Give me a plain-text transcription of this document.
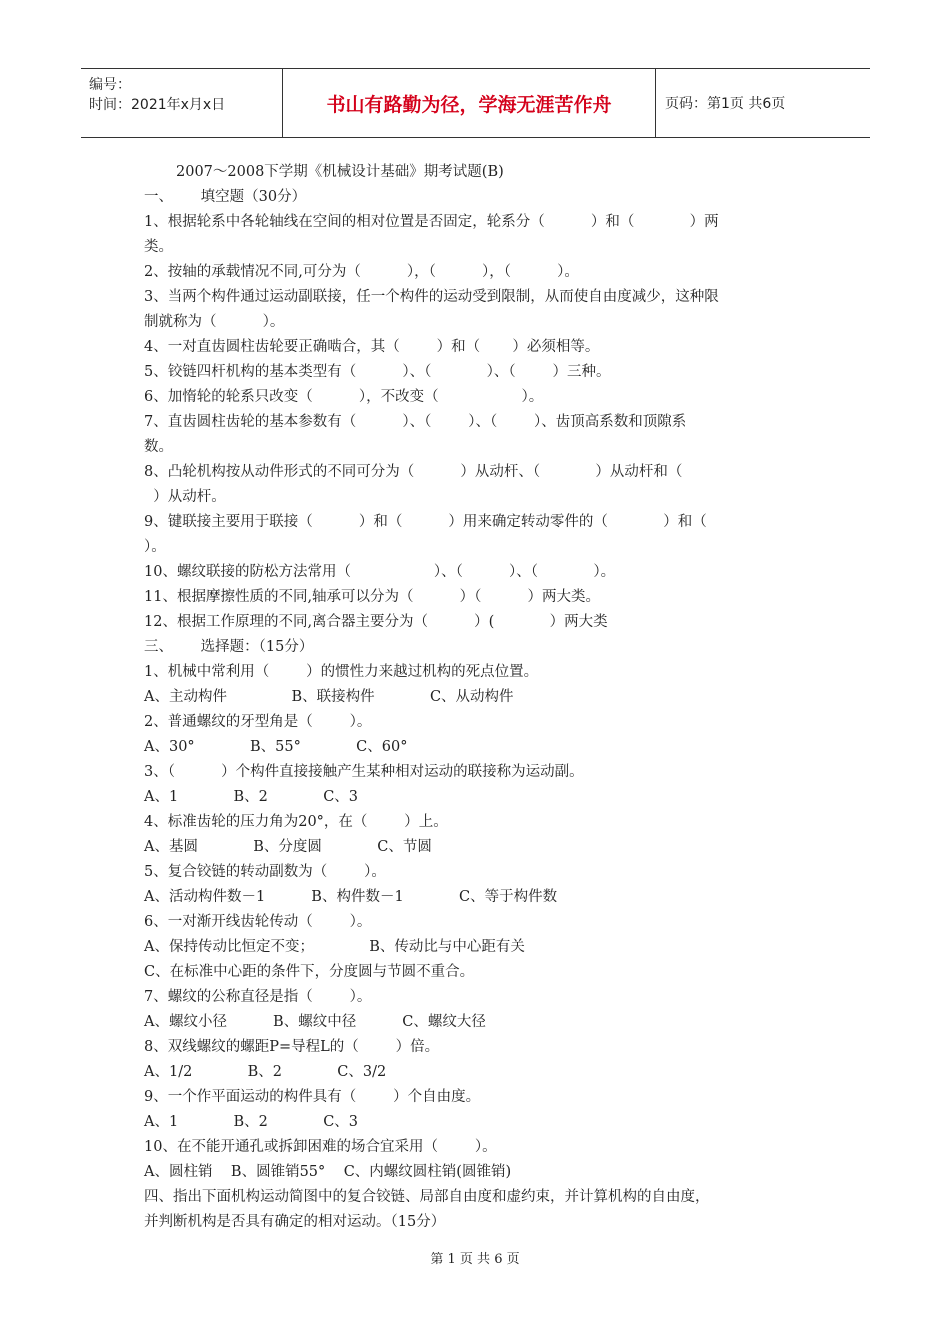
编号：
时间：2021年x月x日	书山有路勤为径，学海无涯苦作舟	页码：第1页 共6页
2007～2008下学期《机械设计基础》期考试题(B)
一、      填空题（30分）
1、根据轮系中各轮轴线在空间的相对位置是否固定，轮系分（          ）和（            ）两
类。
2、按轴的承载情况不同,可分为（          ），（          ），（          ）。
3、当两个构件通过运动副联接，任一个构件的运动受到限制，从而使自由度减少，这种限
制就称为（          ）。
4、一对直齿圆柱齿轮要正确啮合，其（        ）和（       ）必须相等。
5、铰链四杆机构的基本类型有（          ）、（            ）、（        ）三种。
6、加惰轮的轮系只改变（          ），不改变（                  ）。
7、直齿圆柱齿轮的基本参数有（          ）、（        ）、（        ）、齿顶高系数和顶隙系
数。
8、凸轮机构按从动件形式的不同可分为（          ）从动杆、（            ）从动杆和（
）从动杆。
9、键联接主要用于联接（          ）和（          ）用来确定转动零件的（            ）和（
）。
10、螺纹联接的防松方法常用（                  ）、（          ）、（            ）。
11、根据摩擦性质的不同,轴承可以分为（          ）（          ）两大类。
12、根据工作原理的不同,离合器主要分为（          ）(            ）两大类
三、      选择题：（15分）
1、机械中常利用（        ）的惯性力来越过机构的死点位置。
A、主动构件              B、联接构件            C、从动构件
2、普通螺纹的牙型角是（        ）。
A、30°            B、55°            C、60°
3、（          ）个构件直接接触产生某种相对运动的联接称为运动副。
A、1            B、2            C、3
4、标准齿轮的压力角为20°，在（        ）上。
A、基圆            B、分度圆            C、节圆
5、复合铰链的转动副数为（        ）。
A、活动构件数－1          B、构件数－1            C、等于构件数
6、一对渐开线齿轮传动（        ）。
A、保持传动比恒定不变；            B、传动比与中心距有关
C、在标准中心距的条件下，分度圆与节圆不重合。
7、螺纹的公称直径是指（        ）。
A、螺纹小径          B、螺纹中径          C、螺纹大径
8、双线螺纹的螺距P=导程L的（        ）倍。
A、1/2            B、2            C、3/2
9、一个作平面运动的构件具有（        ）个自由度。
A、1            B、2            C、3
10、在不能开通孔或拆卸困难的场合宜采用（        ）。
A、圆柱销    B、圆锥销55°    C、内螺纹圆柱销(圆锥销)
四、指出下面机构运动简图中的复合铰链、局部自由度和虚约束，并计算机构的自由度，
并判断机构是否具有确定的相对运动。（15分）
第 1 页 共 6 页
